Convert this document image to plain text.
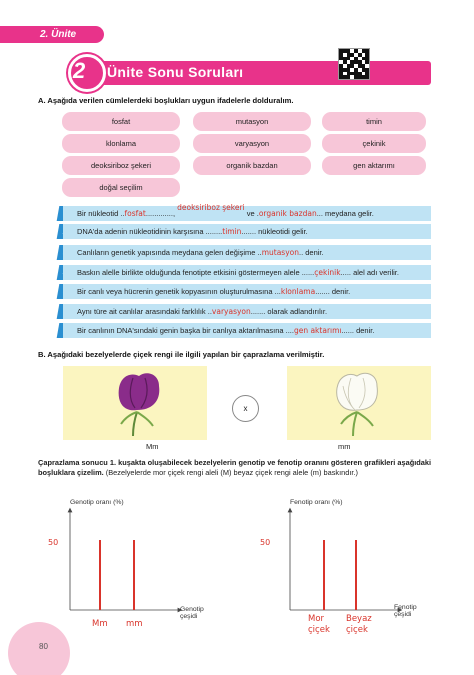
2. Ünite
2 Ünite Sonu Soruları
A. Aşağıda verilen cümlelerdeki boşlukları uygun ifadelerle dolduralım.
fosfat	mutasyon	timin
klonlama	varyasyon	çekinik
deoksiriboz şekeri	organik bazdan	gen aktarımı
doğal seçilim
Bir nükleotid ..fosfat............., deoksiriboz şekeri ve .organik bazdan... meydana gelir.
DNA'da adenin nükleotidinin karşısına ........timin....... nükleotidi gelir.
Canlıların genetik yapısında meydana gelen değişime ..mutasyon.. denir.
Baskın alelle birlikte olduğunda fenotipte etkisini göstermeyen alele ......çekinik..... alel adı verilir.
Bir canlı veya hücrenin genetik kopyasının oluşturulmasına ...klonlama....... denir.
Aynı türe ait canlılar arasındaki farklılık ..varyasyon....... olarak adlandırılır.
Bir canlının DNA'sındaki genin başka bir canlıya aktarılmasına ....gen aktarımı...... denir.
B. Aşağıdaki bezelyelerde çiçek rengi ile ilgili yapılan bir çaprazlama verilmiştir.
Mm
x
mm
Çaprazlama sonucu 1. kuşakta oluşabilecek bezelyelerin genotip ve fenotip oranını gösteren grafikleri aşağıdaki boşluklara çizelim. (Bezelyelerde mor çiçek rengi aleli (M) beyaz çiçek rengi alele (m) baskındır.)
Genotip oranı (%)
50
Genotip çeşidi
Mm mm
Fenotip oranı (%)
50
Fenotip çeşidi
Mor çiçek
Beyaz çiçek
80
